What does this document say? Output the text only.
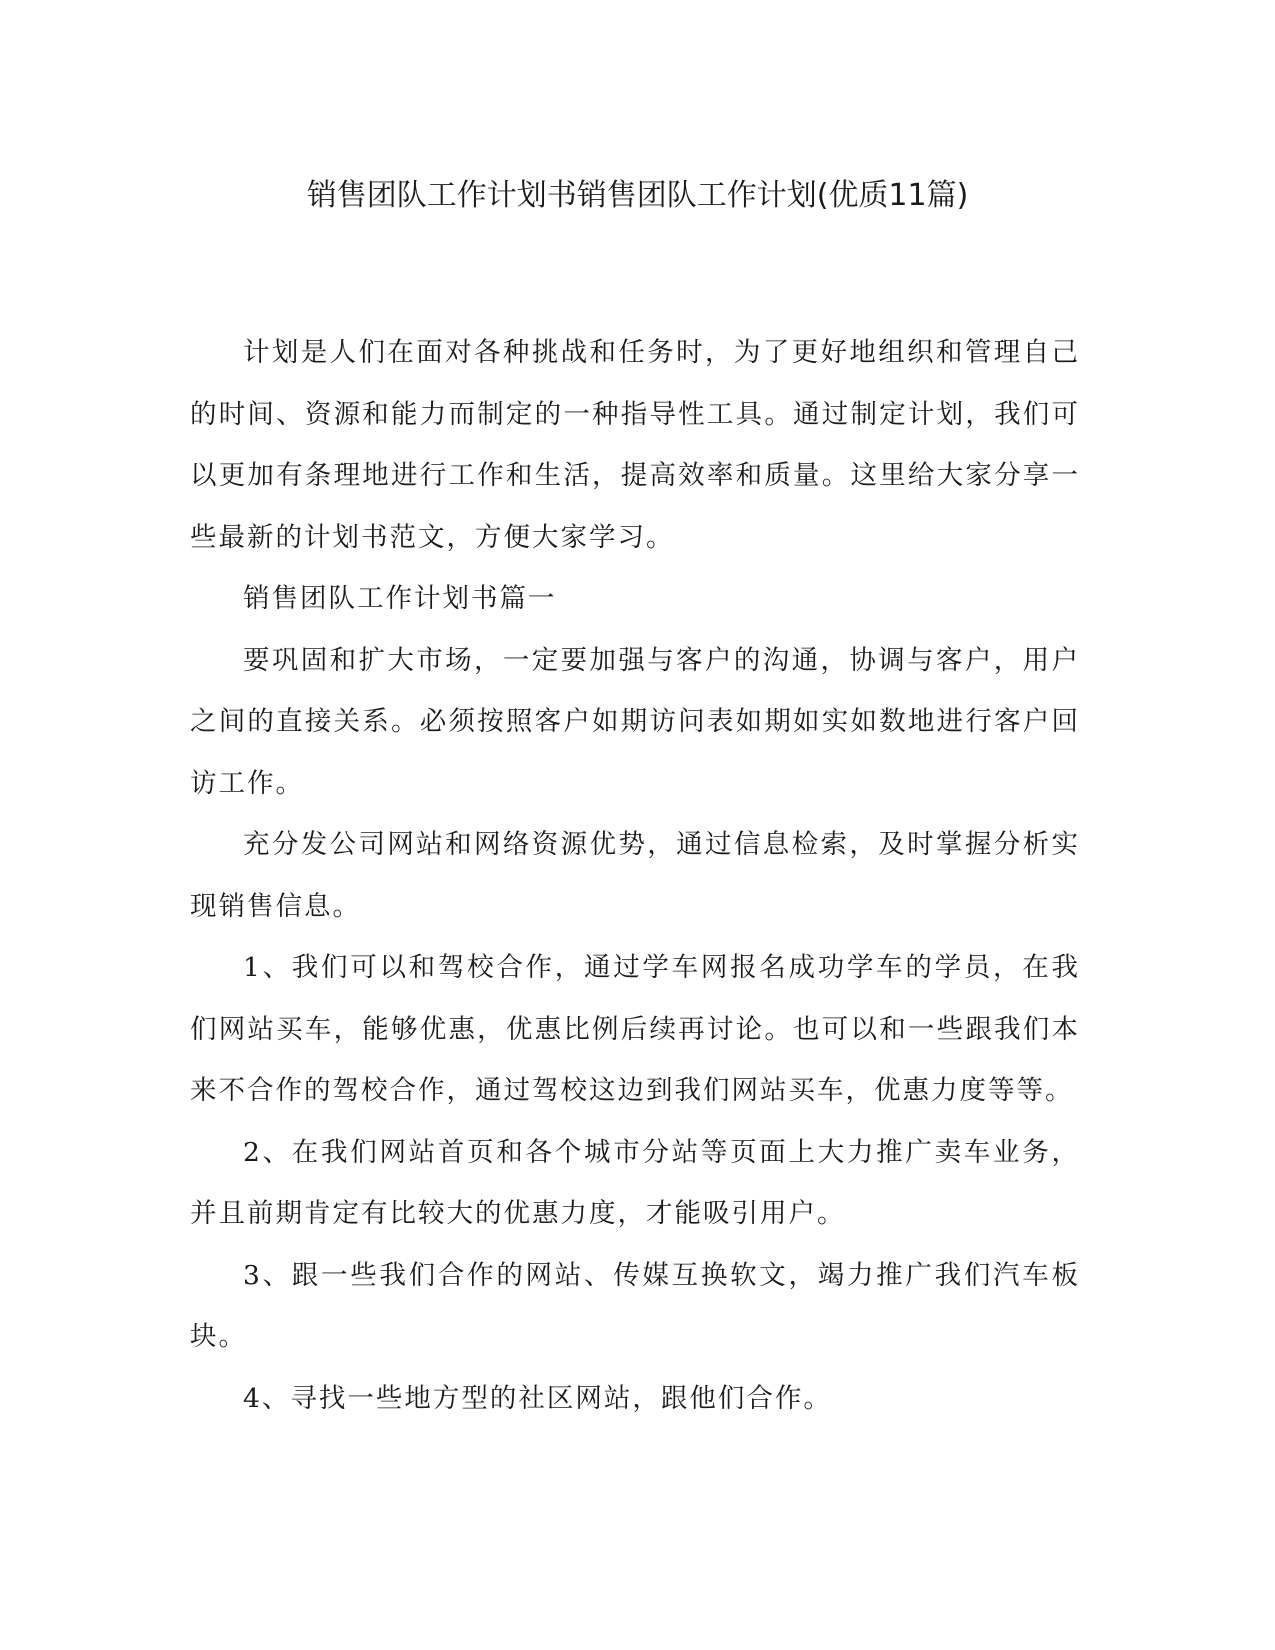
销售团队工作计划书销售团队工作计划(优质11篇)

计划是人们在面对各种挑战和任务时，为了更好地组织和管理自己的时间、资源和能力而制定的一种指导性工具。通过制定计划，我们可以更加有条理地进行工作和生活，提高效率和质量。这里给大家分享一些最新的计划书范文，方便大家学习。

销售团队工作计划书篇一

要巩固和扩大市场，一定要加强与客户的沟通，协调与客户，用户之间的直接关系。必须按照客户如期访问表如期如实如数地进行客户回访工作。

充分发公司网站和网络资源优势，通过信息检索，及时掌握分析实现销售信息。

1、我们可以和驾校合作，通过学车网报名成功学车的学员，在我们网站买车，能够优惠，优惠比例后续再讨论。也可以和一些跟我们本来不合作的驾校合作，通过驾校这边到我们网站买车，优惠力度等等。

2、在我们网站首页和各个城市分站等页面上大力推广卖车业务，并且前期肯定有比较大的优惠力度，才能吸引用户。

3、跟一些我们合作的网站、传媒互换软文，竭力推广我们汽车板块。

4、寻找一些地方型的社区网站，跟他们合作。
